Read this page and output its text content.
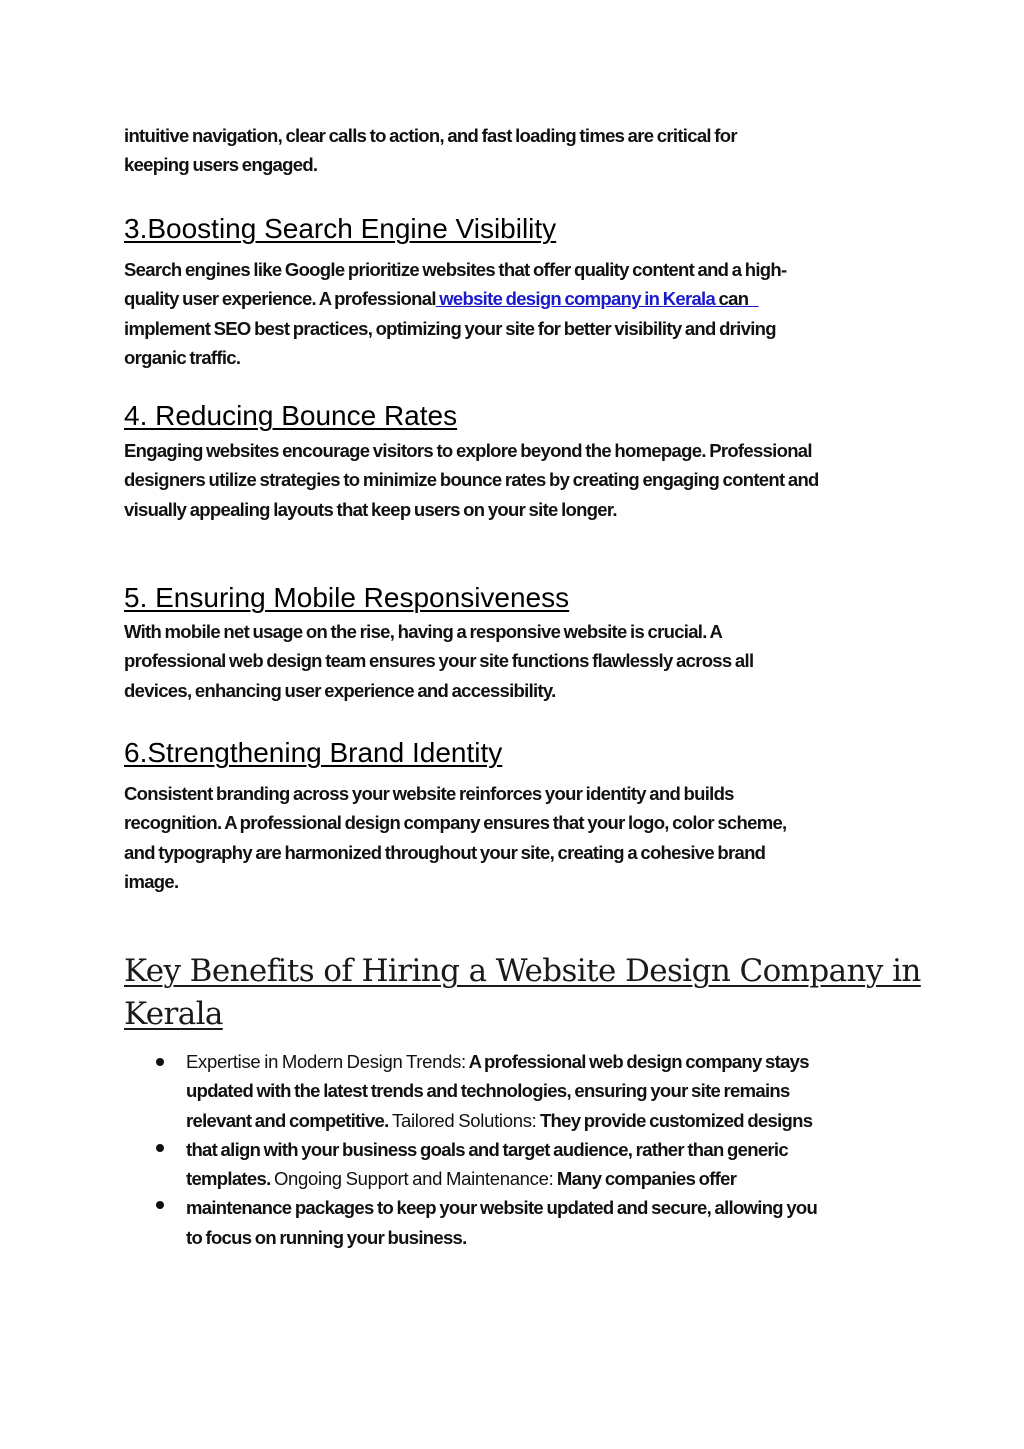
intuitive navigation, clear calls to action, and fast loading times are critical for
keeping users engaged.
3.Boosting Search Engine Visibility
Search engines like Google prioritize websites that offer quality content and a high-
quality user experience. A professional website design company in Kerala can
implement SEO best practices, optimizing your site for better visibility and driving
organic traffic.
4. Reducing Bounce Rates
Engaging websites encourage visitors to explore beyond the homepage. Professional
designers utilize strategies to minimize bounce rates by creating engaging content and
visually appealing layouts that keep users on your site longer.
5. Ensuring Mobile Responsiveness
With mobile net usage on the rise, having a responsive website is crucial. A
professional web design team ensures your site functions flawlessly across all
devices, enhancing user experience and accessibility.
6.Strengthening Brand Identity
Consistent branding across your website reinforces your identity and builds
recognition. A professional design company ensures that your logo, color scheme,
and typography are harmonized throughout your site, creating a cohesive brand
image.
Key Benefits of Hiring a Website Design Company in
Kerala
Expertise in Modern Design Trends: A professional web design company stays
updated with the latest trends and technologies, ensuring your site remains
relevant and competitive. Tailored Solutions: They provide customized designs
that align with your business goals and target audience, rather than generic
templates. Ongoing Support and Maintenance: Many companies offer
maintenance packages to keep your website updated and secure, allowing you
to focus on running your business.
